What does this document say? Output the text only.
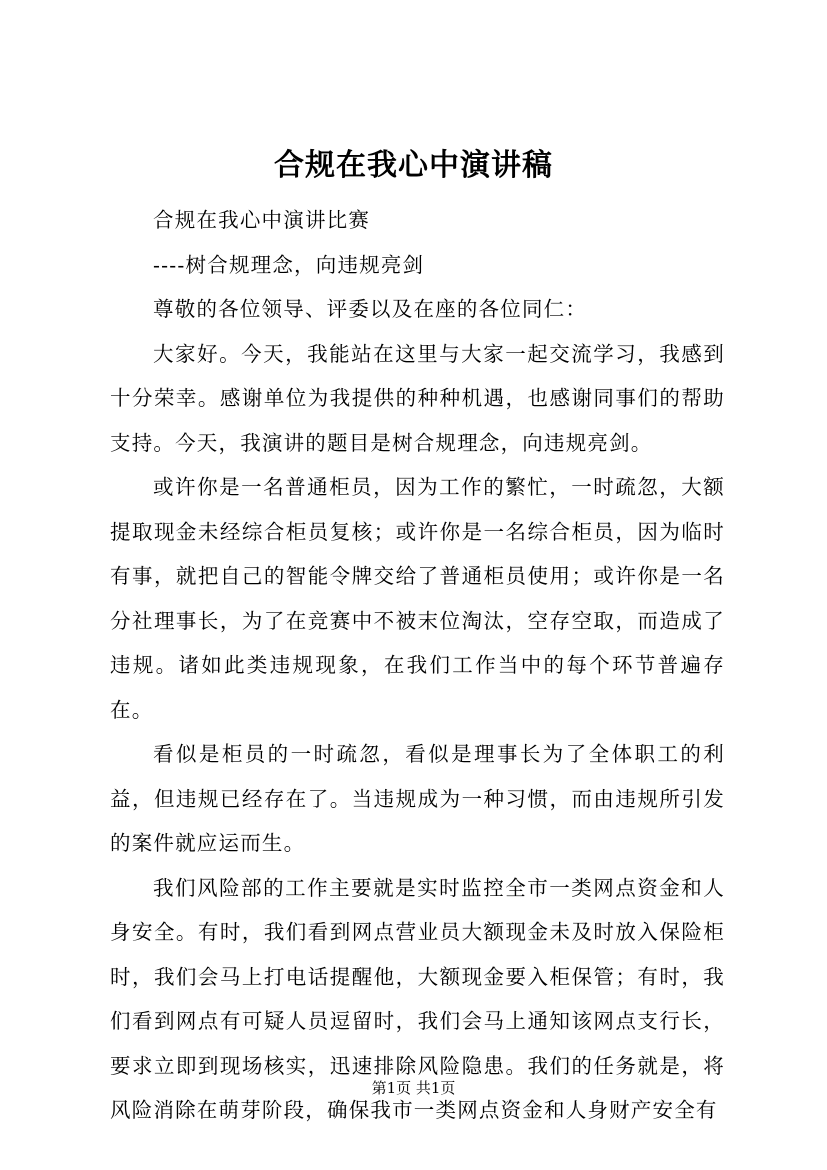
合规在我心中演讲稿

合规在我心中演讲比赛

----树合规理念，向违规亮剑

尊敬的各位领导、评委以及在座的各位同仁：

大家好。今天，我能站在这里与大家一起交流学习，我感到十分荣幸。感谢单位为我提供的种种机遇，也感谢同事们的帮助支持。今天，我演讲的题目是树合规理念，向违规亮剑。

或许你是一名普通柜员，因为工作的繁忙，一时疏忽，大额提取现金未经综合柜员复核；或许你是一名综合柜员，因为临时有事，就把自己的智能令牌交给了普通柜员使用；或许你是一名分社理事长，为了在竞赛中不被末位淘汰，空存空取，而造成了违规。诸如此类违规现象，在我们工作当中的每个环节普遍存在。

看似是柜员的一时疏忽，看似是理事长为了全体职工的利益，但违规已经存在了。当违规成为一种习惯，而由违规所引发的案件就应运而生。

我们风险部的工作主要就是实时监控全市一类网点资金和人身安全。有时，我们看到网点营业员大额现金未及时放入保险柜时，我们会马上打电话提醒他，大额现金要入柜保管；有时，我们看到网点有可疑人员逗留时，我们会马上通知该网点支行长，要求立即到现场核实，迅速排除风险隐患。我们的任务就是，将风险消除在萌芽阶段，确保我市一类网点资金和人身财产安全有

第1页 共1页
